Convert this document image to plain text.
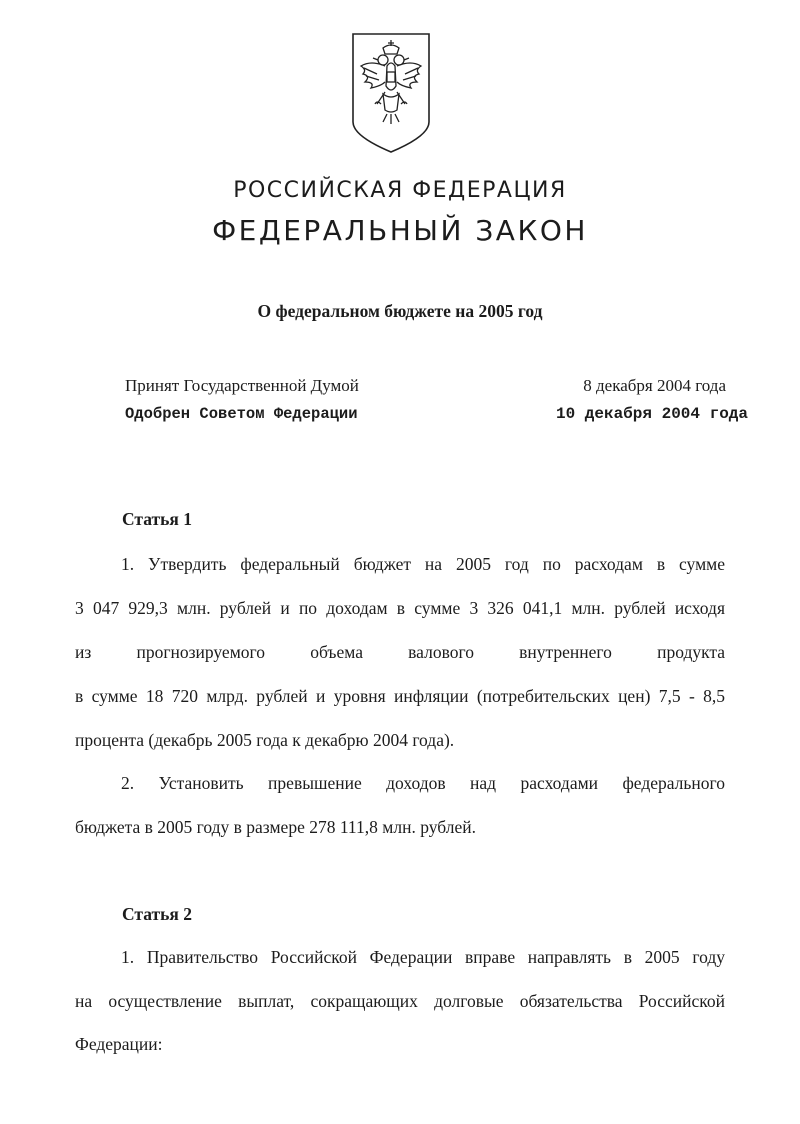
РОССИЙСКАЯ ФЕДЕРАЦИЯ
ФЕДЕРАЛЬНЫЙ ЗАКОН
О федеральном бюджете на 2005 год
Принят Государственной Думой	8 декабря 2004 года
Одобрен Советом Федерации	10 декабря 2004 года
Статья 1
1. Утвердить федеральный бюджет на 2005 год по расходам в сумме
3 047 929,3 млн. рублей и по доходам в сумме 3 326 041,1 млн. рублей исходя
из прогнозируемого объема валового внутреннего продукта
в сумме 18 720 млрд. рублей и уровня инфляции (потребительских цен) 7,5 - 8,5
процента (декабрь 2005 года к декабрю 2004 года).
2. Установить превышение доходов над расходами федерального
бюджета в 2005 году в размере 278 111,8 млн. рублей.
Статья 2
1. Правительство Российской Федерации вправе направлять в 2005 году
на осуществление выплат, сокращающих долговые обязательства Российской
Федерации:
